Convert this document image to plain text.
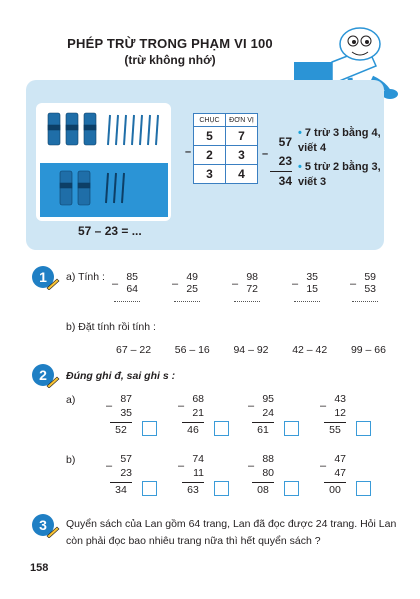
PHÉP TRỪ TRONG PHẠM VI 100
(trừ không nhớ)
57 – 23 = ...
CHỤC	ĐƠN VỊ
5	7
2	3
3	4
–
57
23
34
–
• 7 trừ 3 bằng 4, viết 4
• 5 trừ 2 bằng 3, viết 3
1	a) Tính :	85
64
–
49
25
–
98
72
–
35
15
–
59
53
–
b) Đặt tính rồi tính :
67 – 22 56 – 16 94 – 92 42 – 42 99 – 66
2	Đúng ghi đ, sai ghi s :
a)
b)
87
35
–
52
68
21
–
46
95
24
–
61
43
12
–
55
57
23
–
34
74
11
–
63
88
80
–
08
47
47
–
00
3	Quyển sách của Lan gồm 64 trang, Lan đã đọc được 24 trang. Hỏi Lan
còn phải đọc bao nhiêu trang nữa thì hết quyển sách ?
158
